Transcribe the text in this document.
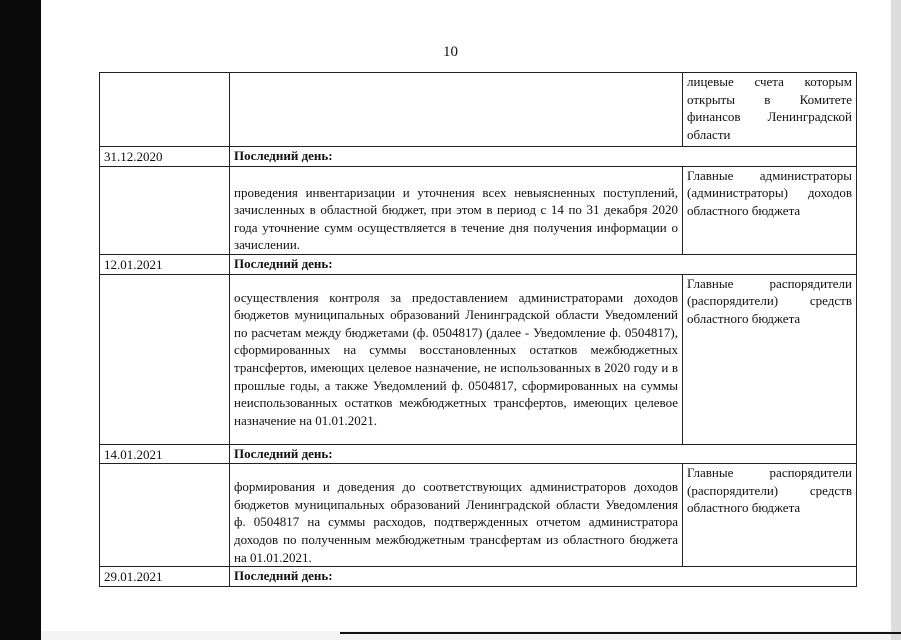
10
		лицевые счета которым открыты в Комитете финансов Ленинградской области
31.12.2020	Последний день:	
	проведения инвентаризации и уточнения всех невыясненных поступлений, зачисленных в областной бюджет, при этом в период с 14 по 31 декабря 2020 года уточнение сумм осуществляется в течение дня получения информации о зачислении.	Главные администраторы (администраторы) доходов областного бюджета
12.01.2021	Последний день:	
	осуществления контроля за предоставлением администраторами доходов бюджетов муниципальных образований Ленинградской области Уведомлений по расчетам между бюджетами (ф. 0504817) (далее - Уведомление ф. 0504817), сформированных на суммы восстановленных остатков межбюджетных трансфертов, имеющих целевое назначение, не использованных в 2020 году и в прошлые годы, а также Уведомлений ф. 0504817, сформированных на суммы неиспользованных остатков межбюджетных трансфертов, имеющих целевое назначение на 01.01.2021.	Главные распорядители (распорядители) средств областного бюджета
14.01.2021	Последний день:	
	формирования и доведения до соответствующих администраторов доходов бюджетов муниципальных образований Ленинградской области Уведомления ф. 0504817 на суммы расходов, подтвержденных отчетом администратора доходов по полученным межбюджетным трансфертам из областного бюджета на 01.01.2021.	Главные распорядители (распорядители) средств областного бюджета
29.01.2021	Последний день:	
